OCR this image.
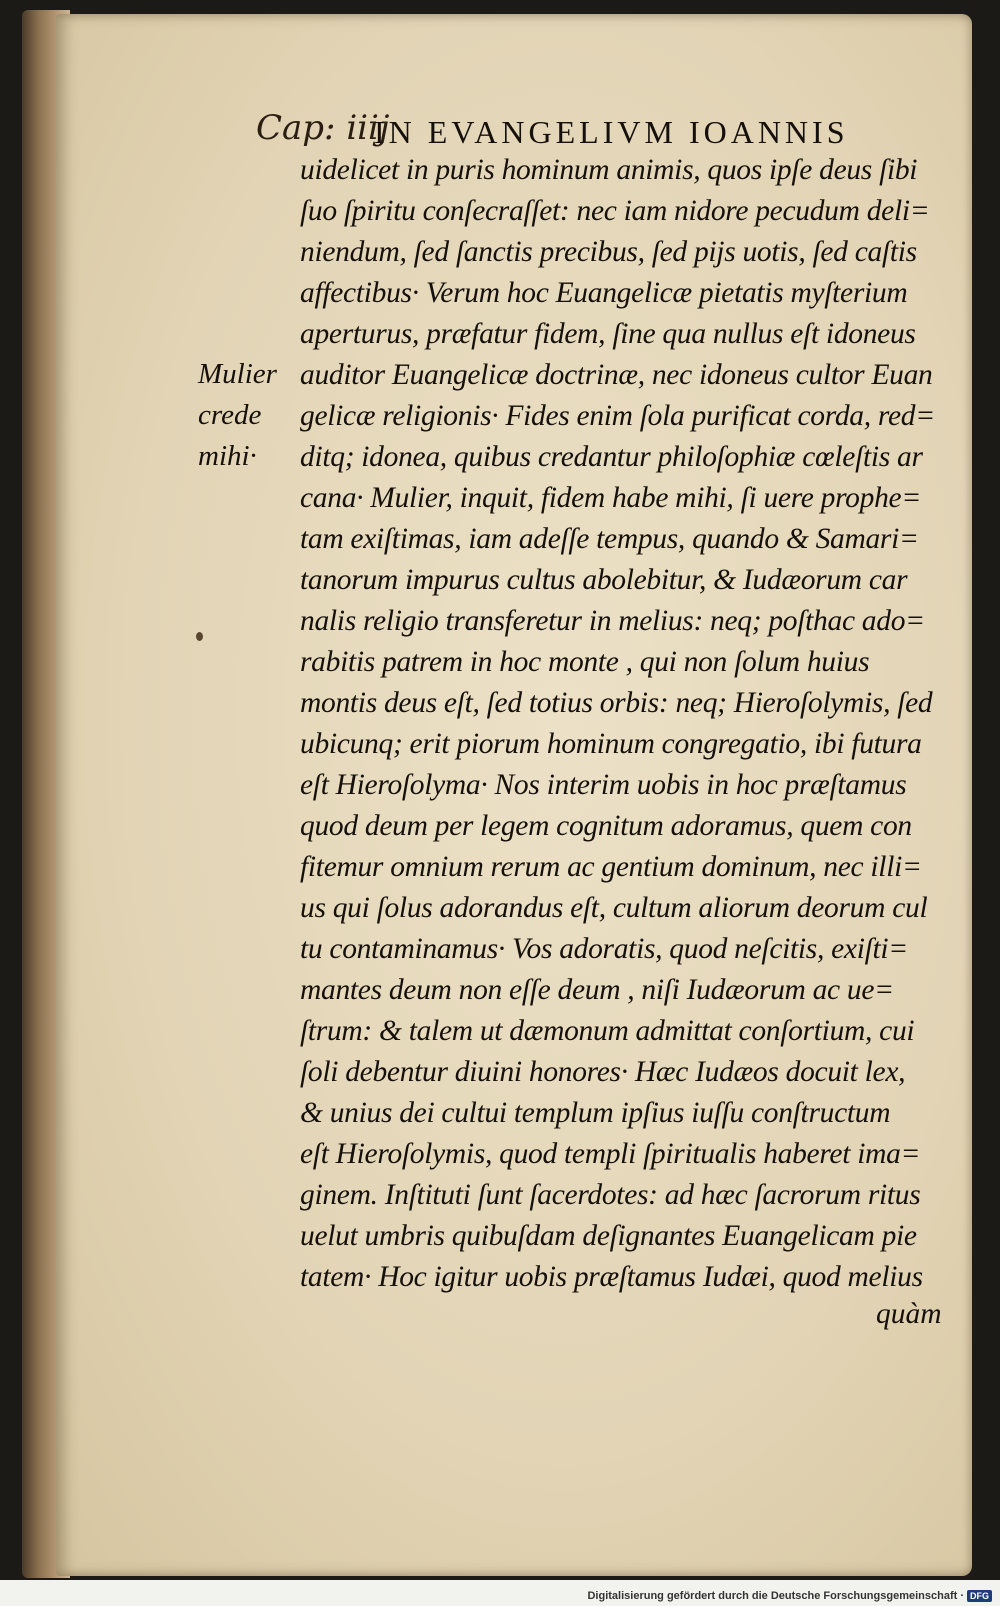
Cap: iiij
IN EVANGELIVM IOANNIS
Mulier
crede
mihi·
uidelicet in puris hominum animis, quos ipſe deus ſibi
ſuo ſpiritu conſecraſſet: nec iam nidore pecudum deli=
niendum, ſed ſanctis precibus, ſed pijs uotis, ſed caſtis
affectibus· Verum hoc Euangelicæ pietatis myſterium
aperturus, præfatur fidem, ſine qua nullus eſt idoneus
auditor Euangelicæ doctrinæ, nec idoneus cultor Euan
gelicæ religionis· Fides enim ſola purificat corda, red=
ditq; idonea, quibus credantur philoſophiæ cœleſtis ar
cana· Mulier, inquit, fidem habe mihi, ſi uere prophe=
tam exiſtimas, iam adeſſe tempus, quando & Samari=
tanorum impurus cultus abolebitur, & Iudæorum car
nalis religio transferetur in melius: neq; poſthac ado=
rabitis patrem in hoc monte , qui non ſolum huius
montis deus eſt, ſed totius orbis: neq; Hieroſolymis, ſed
ubicunq; erit piorum hominum congregatio, ibi futura
eſt Hieroſolyma· Nos interim uobis in hoc præſtamus
quod deum per legem cognitum adoramus, quem con
fitemur omnium rerum ac gentium dominum, nec illi=
us qui ſolus adorandus eſt, cultum aliorum deorum cul
tu contaminamus· Vos adoratis, quod neſcitis, exiſti=
mantes deum non eſſe deum , niſi Iudæorum ac ue=
ſtrum: & talem ut dæmonum admittat conſortium, cui
ſoli debentur diuini honores· Hæc Iudæos docuit lex,
& unius dei cultui templum ipſius iuſſu conſtructum
eſt Hieroſolymis, quod templi ſpiritualis haberet ima=
ginem. Inſtituti ſunt ſacerdotes: ad hæc ſacrorum ritus
uelut umbris quibuſdam deſignantes Euangelicam pie
tatem· Hoc igitur uobis præſtamus Iudæi, quod melius
quàm
Digitalisierung gefördert durch die Deutsche Forschungsgemeinschaft · DFG
